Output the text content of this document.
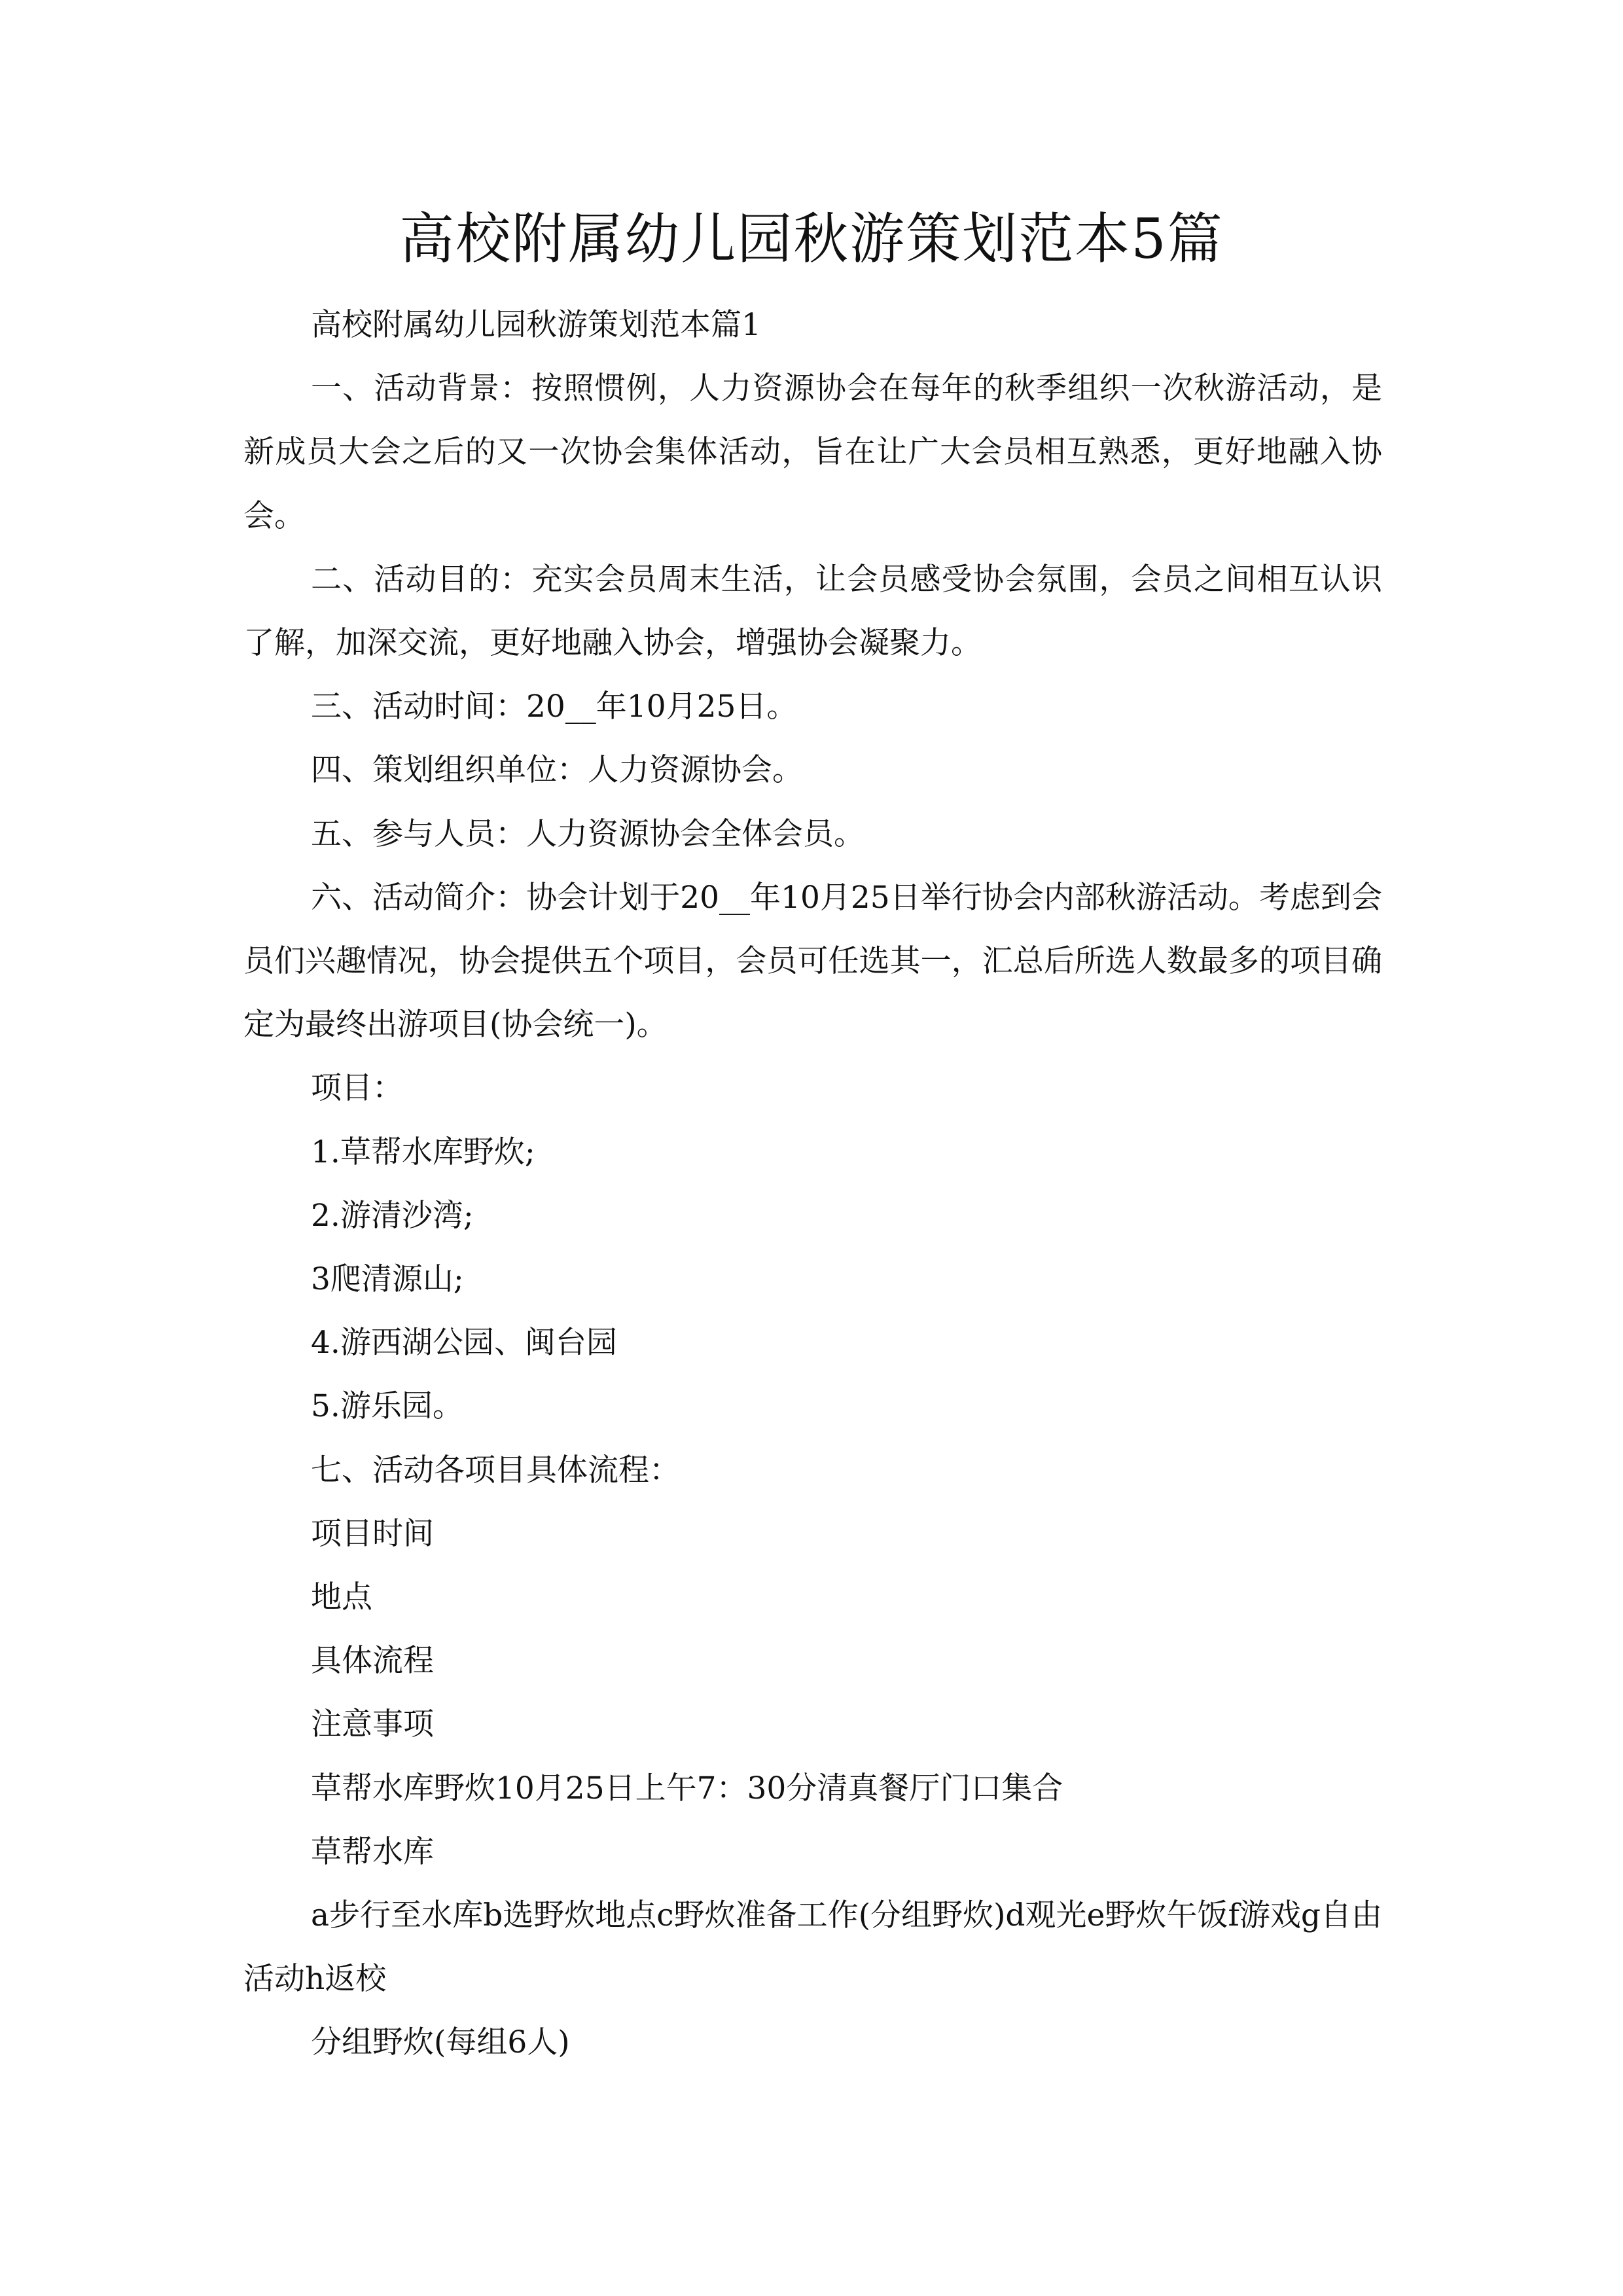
高校附属幼儿园秋游策划范本5篇

高校附属幼儿园秋游策划范本篇1

一、活动背景：按照惯例，人力资源协会在每年的秋季组织一次秋游活动，是新成员大会之后的又一次协会集体活动，旨在让广大会员相互熟悉，更好地融入协会。

二、活动目的：充实会员周末生活，让会员感受协会氛围，会员之间相互认识了解，加深交流，更好地融入协会，增强协会凝聚力。

三、活动时间：20__年10月25日。

四、策划组织单位：人力资源协会。

五、参与人员：人力资源协会全体会员。

六、活动简介：协会计划于20__年10月25日举行协会内部秋游活动。考虑到会员们兴趣情况，协会提供五个项目，会员可任选其一，汇总后所选人数最多的项目确定为最终出游项目(协会统一)。

项目：

1.草帮水库野炊;

2.游清沙湾;

3爬清源山;

4.游西湖公园、闽台园

5.游乐园。

七、活动各项目具体流程：

项目时间

地点

具体流程

注意事项

草帮水库野炊10月25日上午7：30分清真餐厅门口集合

草帮水库

a步行至水库b选野炊地点c野炊准备工作(分组野炊)d观光e野炊午饭f游戏g自由活动h返校

分组野炊(每组6人)
